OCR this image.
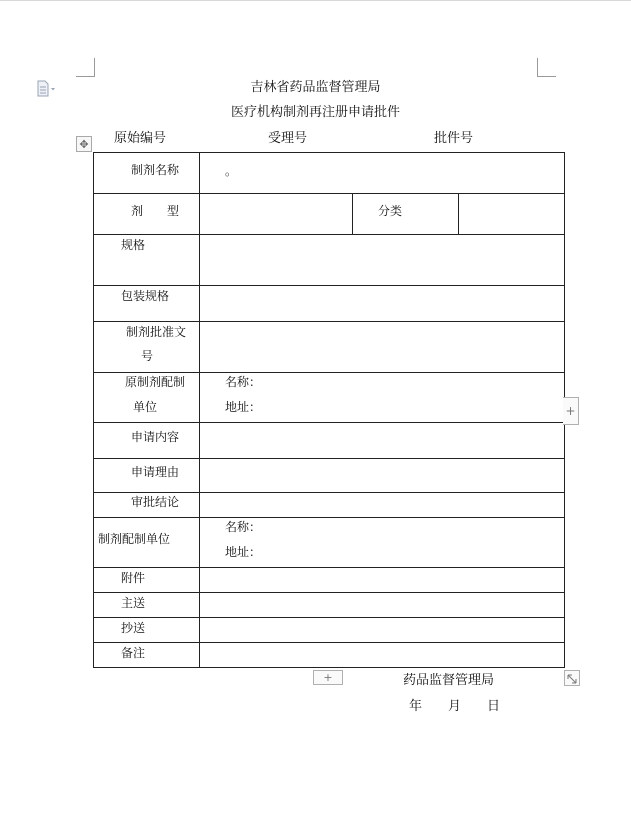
吉林省药品监督管理局
医疗机构制剂再注册申请批件
原始编号	受理号	批件号
✥
制剂名称	。		

剂　　型		分类	

规格			

包装规格			

制剂批准文
号			

原制剂配制
单位	名称：
地址：		

申请内容			

申请理由			

审批结论			

制剂配制单位	名称：
地址：		

附件			

主送			

抄送			

备注			

+
+	药品监督管理局
年 月 日
